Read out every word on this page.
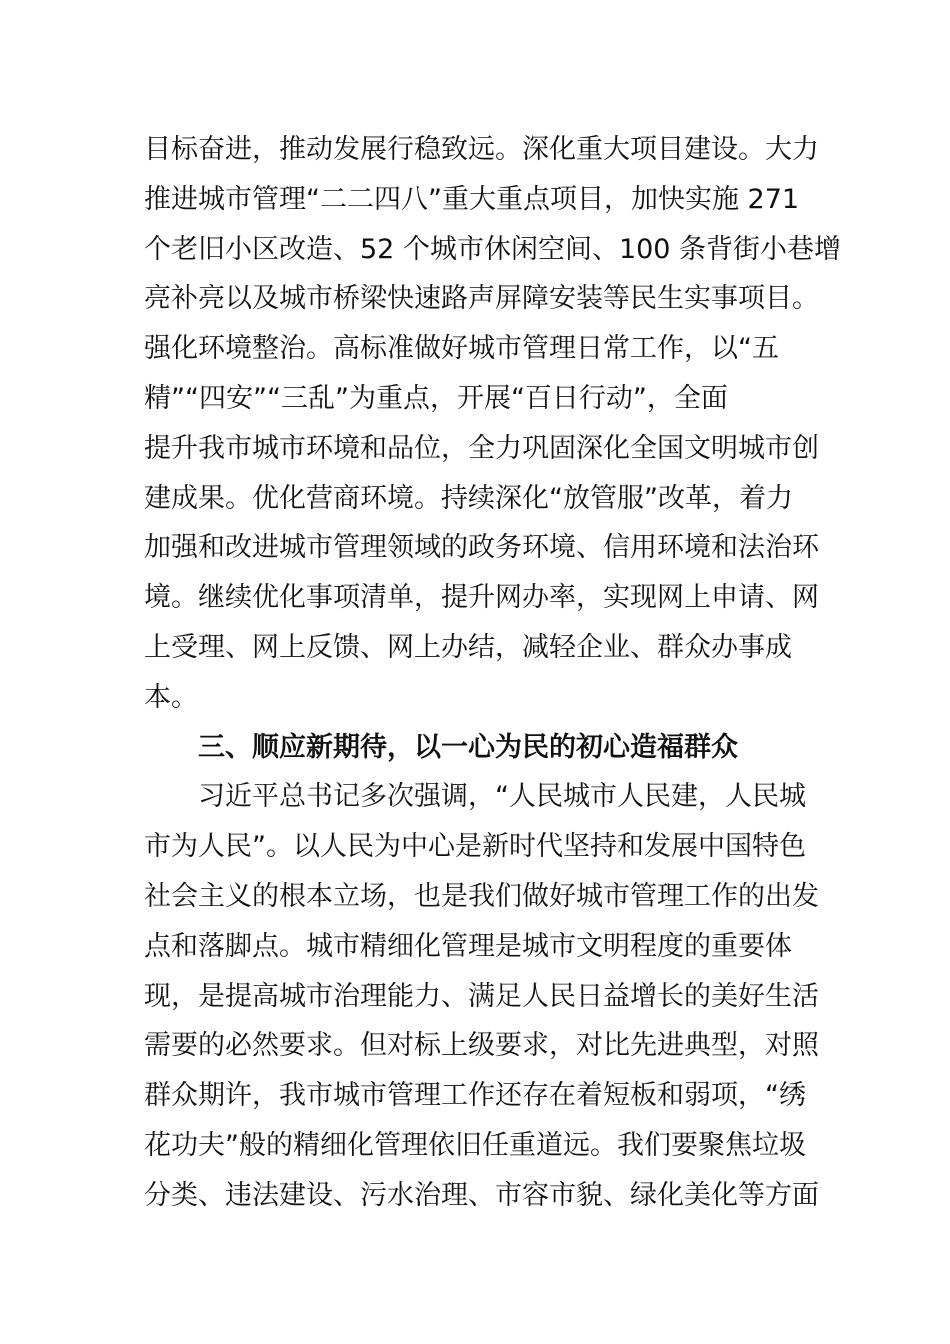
目标奋进，推动发展行稳致远。深化重大项目建设。大力
推进城市管理“二二四八”重大重点项目，加快实施 271
个老旧小区改造、52 个城市休闲空间、100 条背街小巷增
亮补亮以及城市桥梁快速路声屏障安装等民生实事项目。
强化环境整治。高标准做好城市管理日常工作，以“五
精”“四安”“三乱”为重点，开展“百日行动”，全面
提升我市城市环境和品位，全力巩固深化全国文明城市创
建成果。优化营商环境。持续深化“放管服”改革，着力
加强和改进城市管理领域的政务环境、信用环境和法治环
境。继续优化事项清单，提升网办率，实现网上申请、网
上受理、网上反馈、网上办结，减轻企业、群众办事成
本。
三、顺应新期待，以一心为民的初心造福群众
习近平总书记多次强调，“人民城市人民建，人民城
市为人民”。以人民为中心是新时代坚持和发展中国特色
社会主义的根本立场，也是我们做好城市管理工作的出发
点和落脚点。城市精细化管理是城市文明程度的重要体
现，是提高城市治理能力、满足人民日益增长的美好生活
需要的必然要求。但对标上级要求，对比先进典型，对照
群众期许，我市城市管理工作还存在着短板和弱项，“绣
花功夫”般的精细化管理依旧任重道远。我们要聚焦垃圾
分类、违法建设、污水治理、市容市貌、绿化美化等方面
